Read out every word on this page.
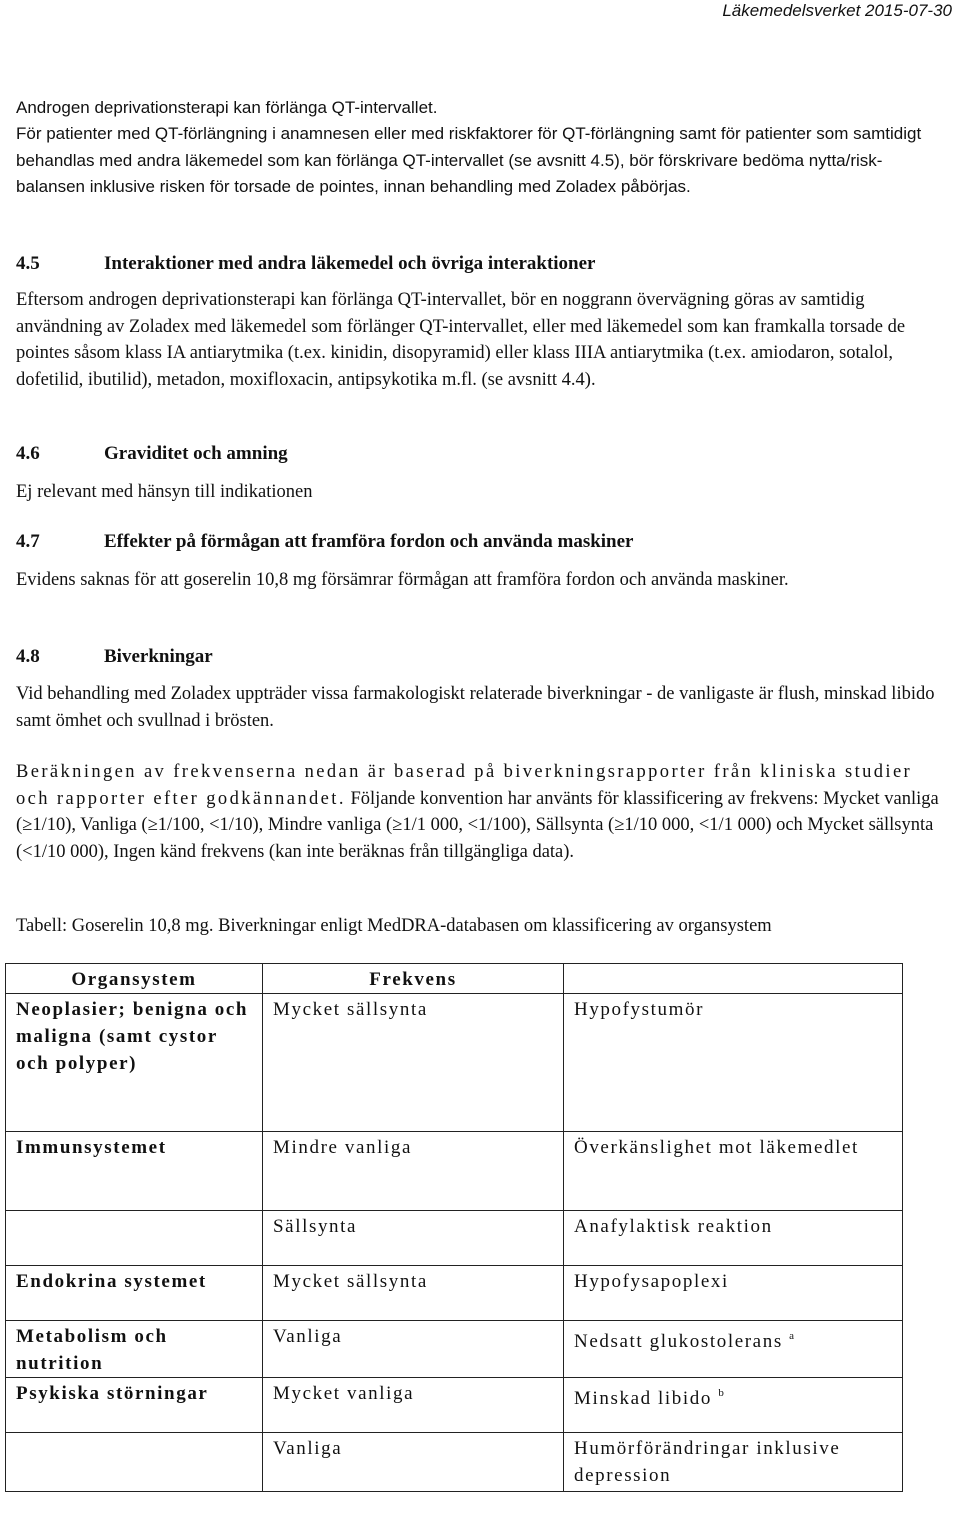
Läkemedelsverket 2015-07-30

Androgen deprivationsterapi kan förlänga QT-intervallet.

För patienter med QT-förlängning i anamnesen eller med riskfaktorer för QT-förlängning samt för patienter som samtidigt behandlas med andra läkemedel som kan förlänga QT-intervallet (se avsnitt 4.5), bör förskrivare bedöma nytta/risk-balansen inklusive risken för torsade de pointes, innan behandling med Zoladex påbörjas.

4.5	Interaktioner med andra läkemedel och övriga interaktioner

Eftersom androgen deprivationsterapi kan förlänga QT-intervallet, bör en noggrann övervägning göras av samtidig användning av Zoladex med läkemedel som förlänger QT-intervallet, eller med läkemedel som kan framkalla torsade de pointes såsom klass IA antiarytmika (t.ex. kinidin, disopyramid) eller klass IIIA antiarytmika (t.ex. amiodaron, sotalol, dofetilid, ibutilid), metadon, moxifloxacin, antipsykotika m.fl. (se avsnitt 4.4).

4.6	Graviditet och amning

Ej relevant med hänsyn till indikationen

4.7	Effekter på förmågan att framföra fordon och använda maskiner

Evidens saknas för att goserelin 10,8 mg försämrar förmågan att framföra fordon och använda maskiner.

4.8	Biverkningar

Vid behandling med Zoladex uppträder vissa farmakologiskt relaterade biverkningar - de vanligaste är flush, minskad libido samt ömhet och svullnad i brösten.

Beräkningen av frekvenserna nedan är baserad på biverkningsrapporter från kliniska studier och rapporter efter godkännandet. Följande konvention har använts för klassificering av frekvens: Mycket vanliga (≥1/10), Vanliga (≥1/100, <1/10), Mindre vanliga (≥1/1 000, <1/100), Sällsynta (≥1/10 000, <1/1 000) och Mycket sällsynta (<1/10 000), Ingen känd frekvens (kan inte beräknas från tillgängliga data).

Tabell: Goserelin 10,8 mg. Biverkningar enligt MedDRA-databasen om klassificering av organsystem

Organsystem	Frekvens	
Neoplasier; benigna och maligna (samt cystor och polyper)	Mycket sällsynta	Hypofystumör
Immunsystemet	Mindre vanliga	Överkänslighet mot läkemedlet
	Sällsynta	Anafylaktisk reaktion
Endokrina systemet	Mycket sällsynta	Hypofysapoplexi
Metabolism och nutrition	Vanliga	Nedsatt glukostolerans $^a$
Psykiska störningar	Mycket vanliga	Minskad libido $^b$
	Vanliga	Humörförändringar inklusive depression
